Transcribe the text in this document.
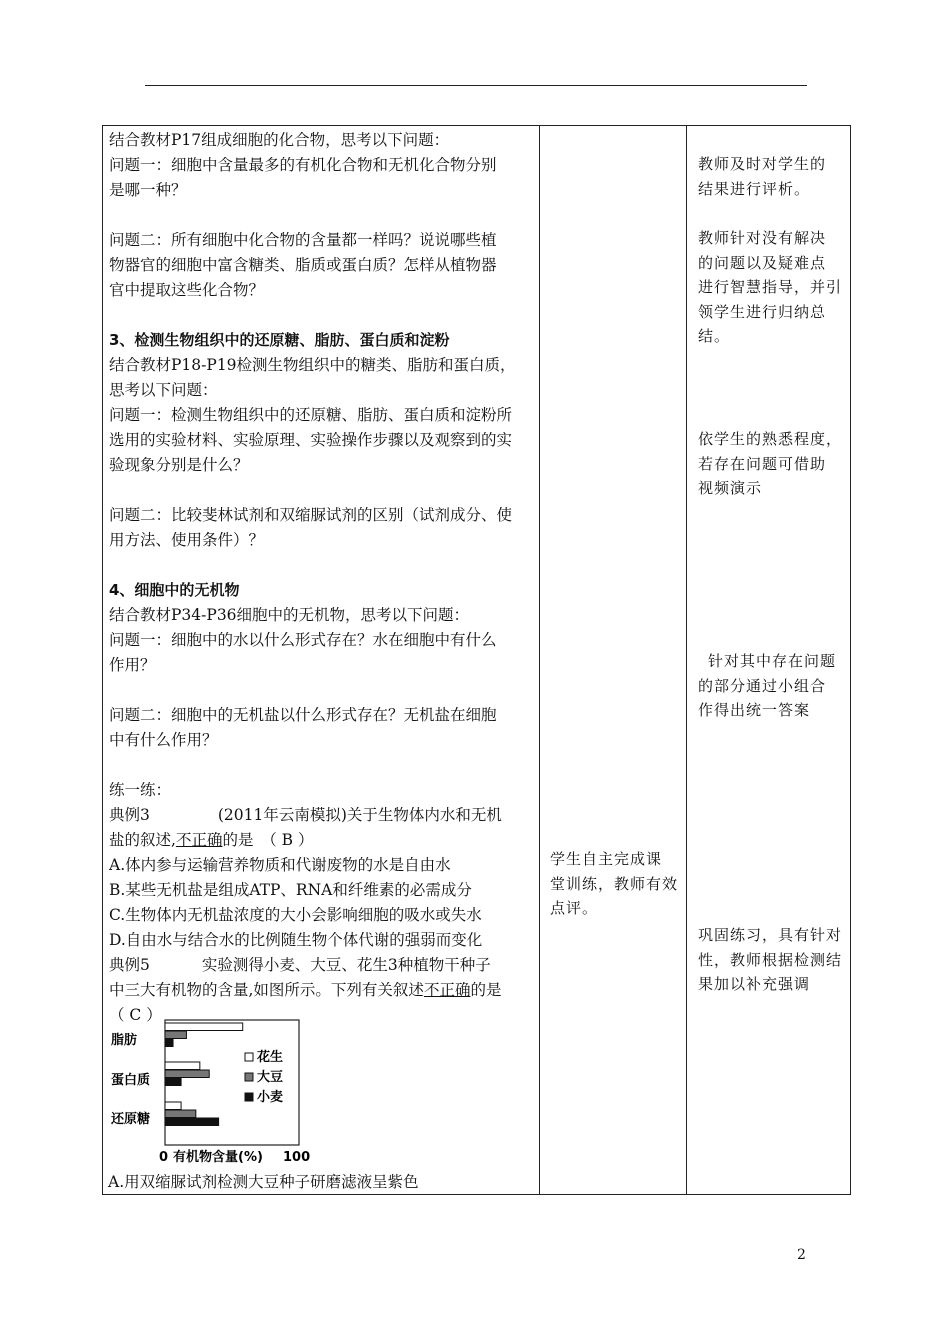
结合教材P17组成细胞的化合物，思考以下问题：

问题一：细胞中含量最多的有机化合物和无机化合物分别

是哪一种？

问题二：所有细胞中化合物的含量都一样吗？说说哪些植

物器官的细胞中富含糖类、脂质或蛋白质？怎样从植物器

官中提取这些化合物？

3、检测生物组织中的还原糖、脂肪、蛋白质和淀粉

结合教材P18-P19检测生物组织中的糖类、脂肪和蛋白质，

思考以下问题：

问题一：检测生物组织中的还原糖、脂肪、蛋白质和淀粉所

选用的实验材料、实验原理、实验操作步骤以及观察到的实

验现象分别是什么？

问题二：比较斐林试剂和双缩脲试剂的区别（试剂成分、使

用方法、使用条件）？

4、细胞中的无机物

结合教材P34-P36细胞中的无机物，思考以下问题：

问题一：细胞中的水以什么形式存在？水在细胞中有什么

作用？

问题二：细胞中的无机盐以什么形式存在？无机盐在细胞

中有什么作用？

练一练：

典例3	(2011年云南模拟)关于生物体内水和无机

盐的叙述,不正确的是　（ B ）

A.体内参与运输营养物质和代谢废物的水是自由水

B.某些无机盐是组成ATP、RNA和纤维素的必需成分

C.生物体内无机盐浓度的大小会影响细胞的吸水或失水

D.自由水与结合水的比例随生物个体代谢的强弱而变化

典例5	实验测得小麦、大豆、花生3种植物干种子

中三大有机物的含量,如图所示。下列有关叙述不正确的是

（ C ）

脂肪
蛋白质
还原糖
花生
大豆
小麦
0 有机物含量(%) 100
A.用双缩脲试剂检测大豆种子研磨滤液呈紫色
学生自主完成课
堂训练，教师有效
点评。
教师及时对学生的
结果进行评析。
教师针对没有解决
的问题以及疑难点
进行智慧指导，并引
领学生进行归纳总
结。
依学生的熟悉程度，
若存在问题可借助
视频演示
针对其中存在问题
的部分通过小组合
作得出统一答案
巩固练习，具有针对
性，教师根据检测结
果加以补充强调
2
